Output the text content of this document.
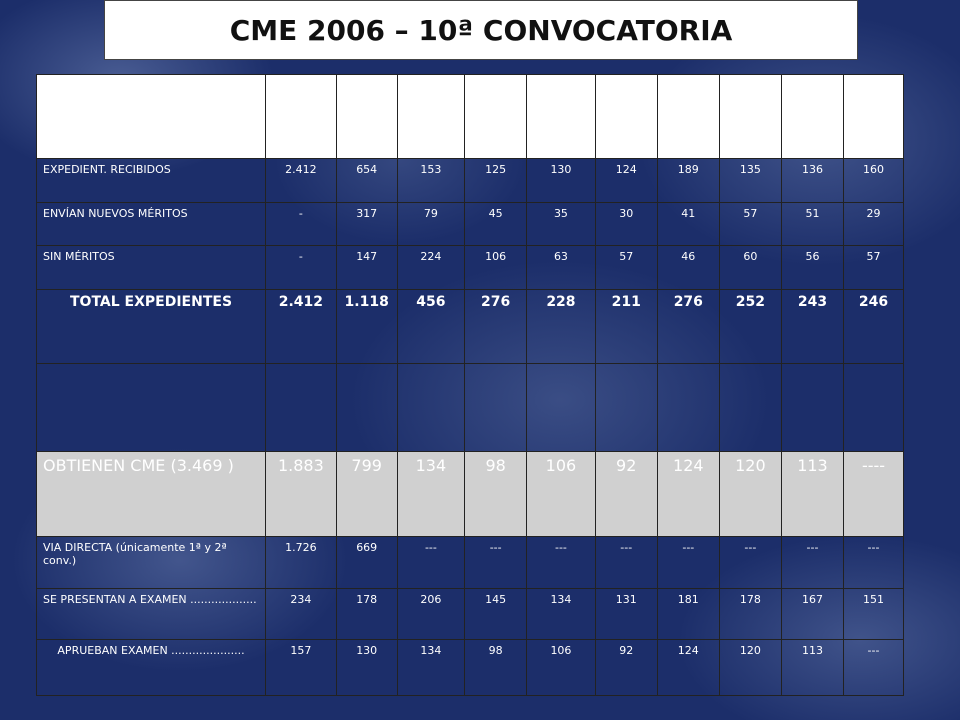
CME 2006 – 10ª CONVOCATORIA
SITUACIÓN EXPEDIENTES	CME 97	CME 98	CME 99	CME 00	CME 01	CME 02	CME 03	CM E 04	CM E 05	CM E 06
EXPEDIENT. RECIBIDOS	2.412	654	153	125	130	124	189	135	136	160
ENVÍAN NUEVOS MÉRITOS	-	317	79	45	35	30	41	57	51	29
SIN MÉRITOS	-	147	224	106	63	57	46	60	56	57
TOTAL EXPEDIENTES	2.412	1.118	456	276	228	211	276	252	243	246

OBTIENEN CME (3.469 )	1.883	799	134	98	106	92	124	120	113	----
VIA DIRECTA (únicamente 1ª y 2ª conv.)	1.726	669	---	---	---	---	---	---	---	---
SE PRESENTAN A EXAMEN ...................	234	178	206	145	134	131	181	178	167	151
APRUEBAN EXAMEN .....................	157	130	134	98	106	92	124	120	113	---
